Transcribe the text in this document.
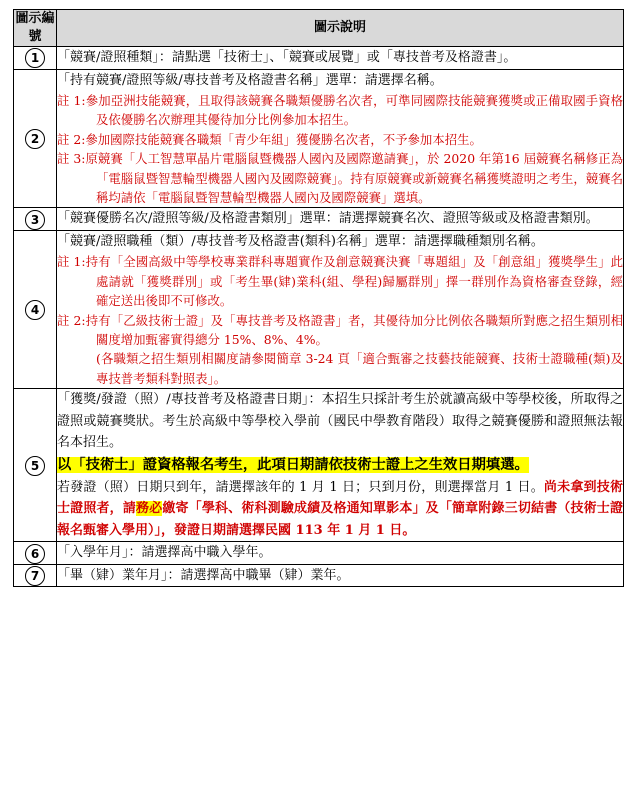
圖示編號	圖示說明
1	「競賽/證照種類」：請點選「技術士」、「競賽或展覽」或「專技普考及格證書」。

2	「持有競賽/證照等級/專技普考及格證書名稱」選單：請選擇名稱。

註 1:參加亞洲技能競賽，且取得該競賽各職類優勝名次者，可準同國際技能競賽獲獎或正備取國手資格及依優勝名次辦理其優待加分比例參加本招生。

註 2:參加國際技能競賽各職類「青少年組」獲優勝名次者，不予參加本招生。

註 3:原競賽「人工智慧單晶片電腦鼠暨機器人國內及國際邀請賽」，於 2020 年第16 屆競賽名稱修正為「電腦鼠暨智慧輪型機器人國內及國際競賽」。持有原競賽或新競賽名稱獲獎證明之考生，競賽名稱均請依「電腦鼠暨智慧輪型機器人國內及國際競賽」選填。

3	「競賽優勝名次/證照等級/及格證書類別」選單：請選擇競賽名次、證照等級或及格證書類別。

4	「競賽/證照職種（類）/專技普考及格證書(類科)名稱」選單：請選擇職種類別名稱。

註 1:持有「全國高級中等學校專業群科專題實作及創意競賽決賽「專題組」及「創意組」獲獎學生」此處請就「獲獎群別」或「考生畢(肄)業科(組、學程)歸屬群別」擇一群別作為資格審查登錄，經確定送出後即不可修改。

註 2:持有「乙級技術士證」及「專技普考及格證書」者，其優待加分比例依各職類所對應之招生類別相關度增加甄審實得總分 15%、8%、4%。

(各職類之招生類別相關度請參閱簡章 3-24 頁「適合甄審之技藝技能競賽、技術士證職種(類)及專技普考類科對照表」。

5	「獲獎/發證（照）/專技普考及格證書日期」：本招生只採計考生於就讀高級中等學校後，所取得之證照或競賽獎狀。考生於高級中等學校入學前（國民中學教育階段）取得之競賽優勝和證照無法報名本招生。

以「技術士」證資格報名考生，此項日期請依技術士證上之生效日期填選。

若發證（照）日期只到年，請選擇該年的 1 月 1 日；只到月份，則選擇當月 1 日。尚未拿到技術士證照者，請務必繳寄「學科、術科測驗成績及格通知單影本」及「簡章附錄三切結書（技術士證報名甄審入學用）」，發證日期請選擇民國 113 年 1 月 1 日。

6	「入學年月」：請選擇高中職入學年。

7	「畢（肄）業年月」：請選擇高中職畢（肄）業年。
